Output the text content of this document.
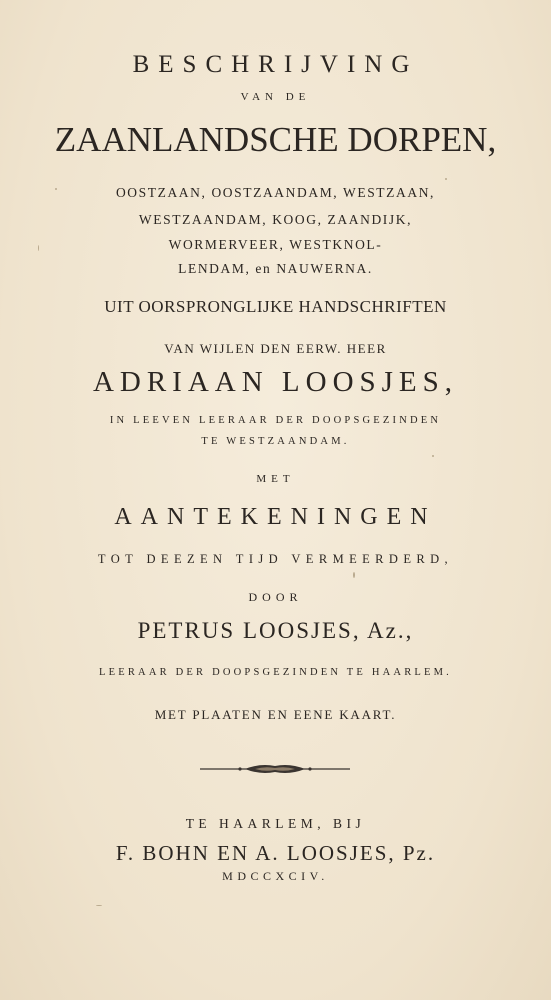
BESCHRIJVING
VAN DE
ZAANLANDSCHE DORPEN,
OOSTZAAN, OOSTZAANDAM, WESTZAAN,
WESTZAANDAM, KOOG, ZAANDIJK,
WORMERVEER, WESTKNOL-
LENDAM, en NAUWERNA.
UIT OORSPRONGLIJKE HANDSCHRIFTEN
VAN WIJLEN DEN EERW. HEER
ADRIAAN LOOSJES,
IN LEEVEN LEERAAR DER DOOPSGEZINDEN
TE WESTZAANDAM.
MET
AANTEKENINGEN
TOT DEEZEN TIJD VERMEERDERD,
DOOR
PETRUS LOOSJES, Az.,
LEERAAR DER DOOPSGEZINDEN TE HAARLEM.
MET PLAATEN EN EENE KAART.
TE HAARLEM, BIJ
F. BOHN EN A. LOOSJES, Pz.
MDCCXCIV.
